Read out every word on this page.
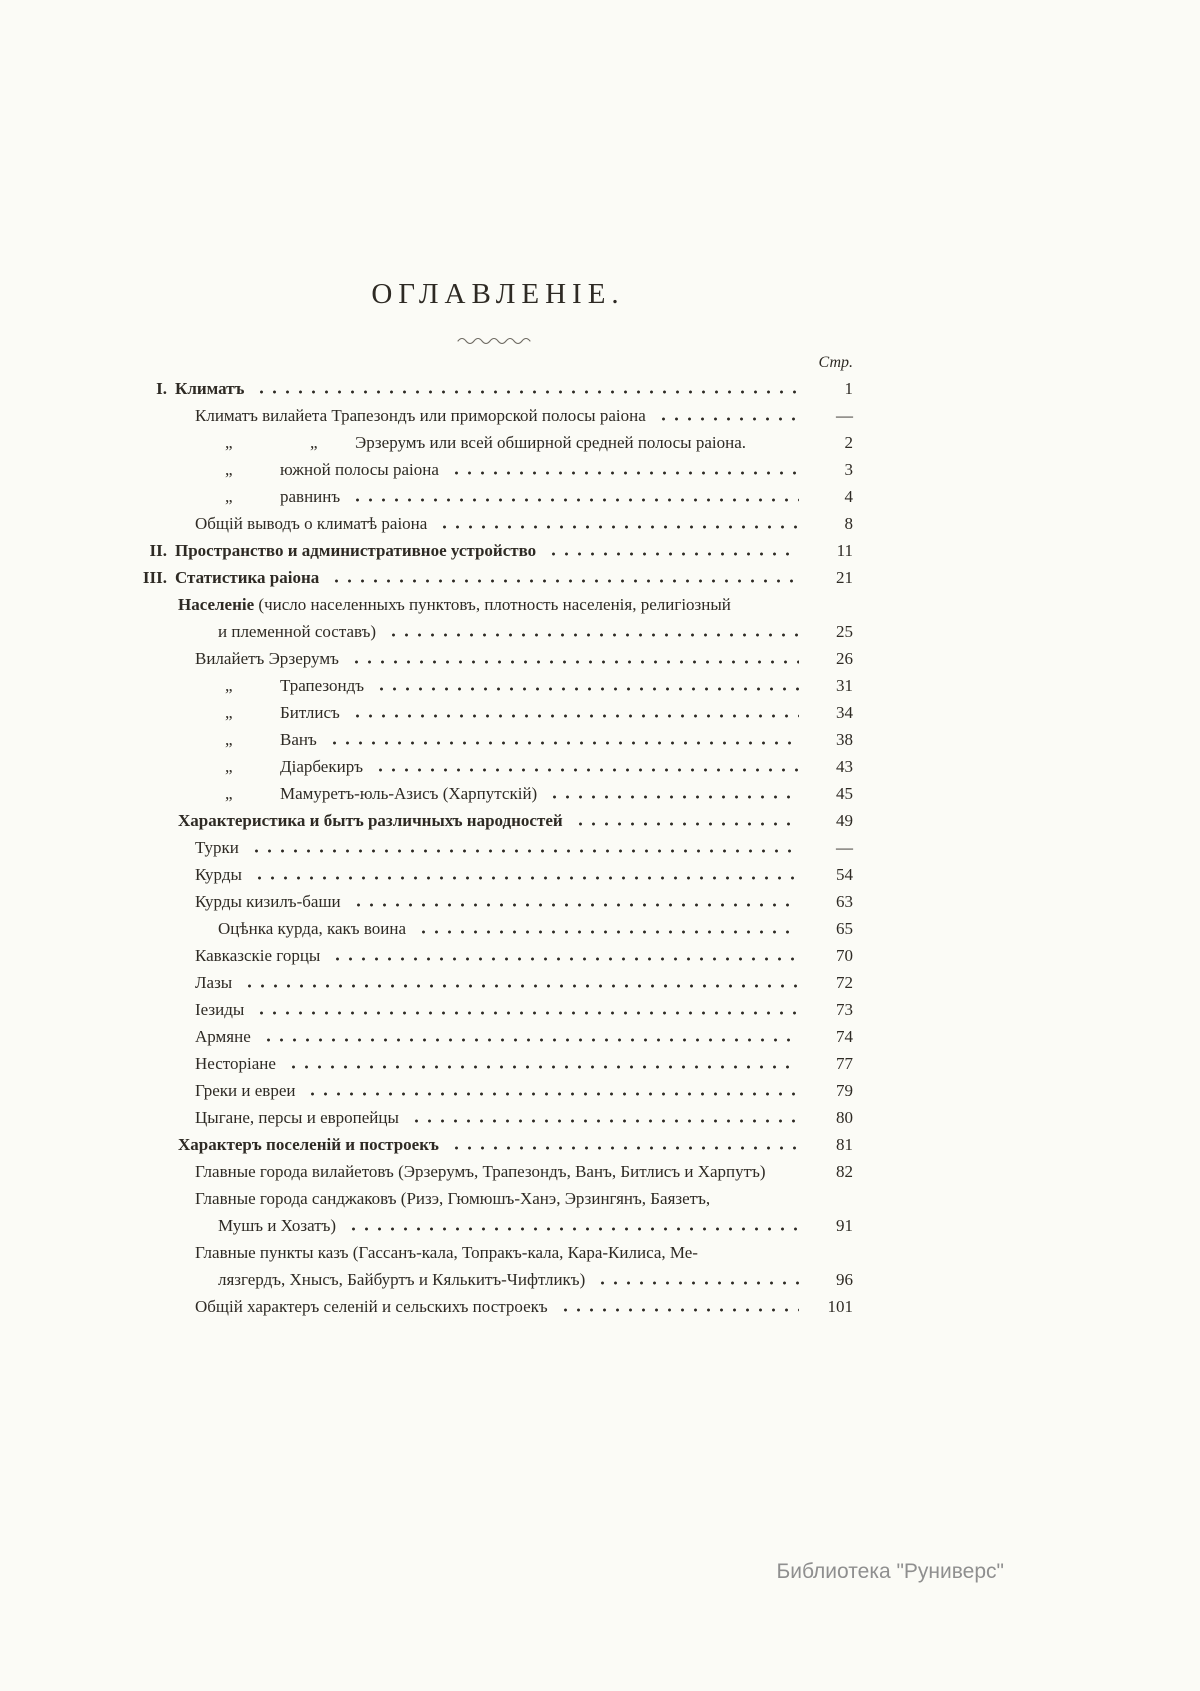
ОГЛАВЛЕНІЕ.
Стр.
I. Климатъ	1
Климатъ вилайета Трапезондъ или приморской полосы раіона	—
„	„ Эрзерумъ или всей обширной средней полосы раіона.	2
„	южной полосы раіона	3
„	равнинъ	4
Общій выводъ о климатѣ раіона	8
II. Пространство и административное устройство	11
III. Статистика раіона	21
Населеніе (число населенныхъ пунктовъ, плотность населенія, религіозный
и племенной составъ)	25
Вилайетъ Эрзерумъ	26
„	Трапезондъ	31
„	Битлисъ	34
„	Ванъ	38
„	Діарбекиръ	43
„	Мамуретъ-юль-Азисъ (Харпутскій)	45
Характеристика и бытъ различныхъ народностей	49
Турки	—
Курды	54
Курды кизилъ-баши	63
Оцѣнка курда, какъ воина	65
Кавказскіе горцы	70
Лазы	72
Іезиды	73
Армяне	74
Несторіане	77
Греки и евреи	79
Цыгане, персы и европейцы	80
Характеръ поселеній и построекъ	81
Главные города вилайетовъ (Эрзерумъ, Трапезондъ, Ванъ, Битлисъ и Харпутъ)	82
Главные города санджаковъ (Ризэ, Гюмюшъ-Ханэ, Эрзингянъ, Баязетъ,
Мушъ и Хозатъ)	91
Главные пункты казъ (Гассанъ-кала, Топракъ-кала, Кара-Килиса, Ме-
лязгердъ, Хнысъ, Байбуртъ и Кялькитъ-Чифтликъ)	96
Общій характеръ селеній и сельскихъ построекъ	101
Библиотека "Руниверс"
